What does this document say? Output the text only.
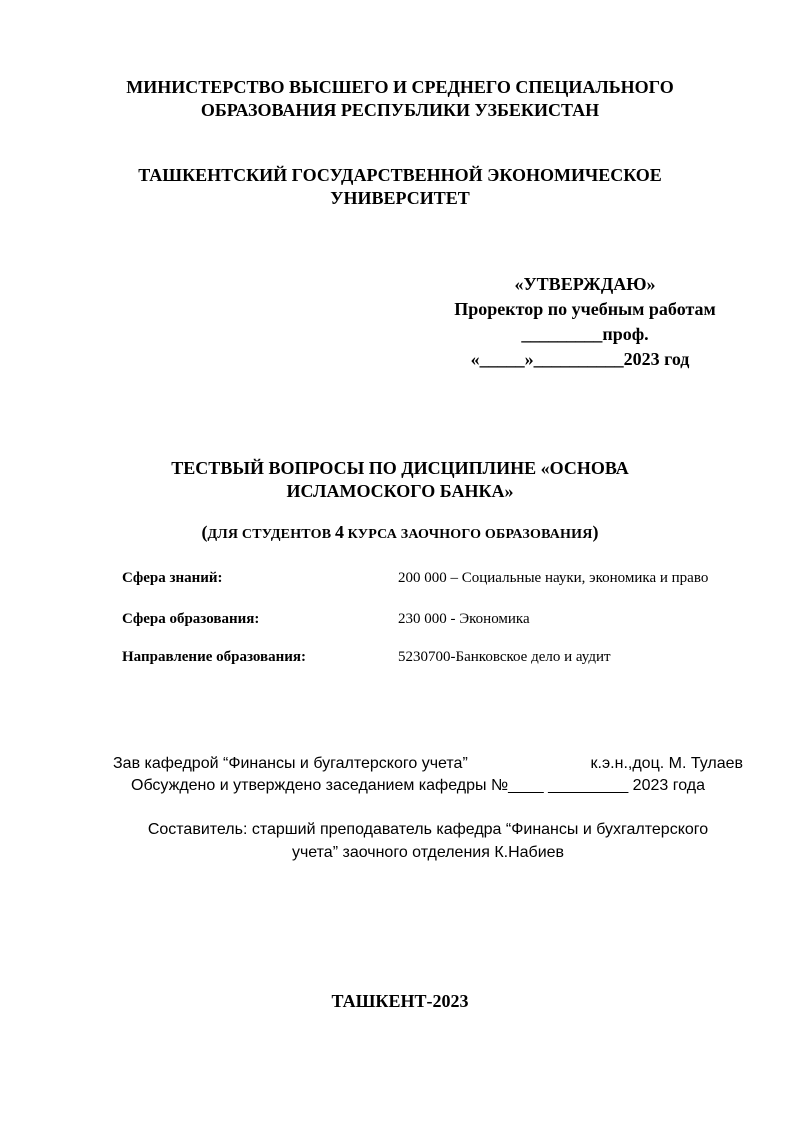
МИНИСТЕРСТВО ВЫСШЕГО И СРЕДНЕГО СПЕЦИАЛЬНОГО
ОБРАЗОВАНИЯ РЕСПУБЛИКИ УЗБЕКИСТАН
ТАШКЕНТСКИЙ ГОСУДАРСТВЕННОЙ ЭКОНОМИЧЕСКОЕ
УНИВЕРСИТЕТ
«УТВЕРЖДАЮ»
Проректор по учебным работам
_________проф.
«_____»__________2023 год
ТЕСТВЫЙ ВОПРОСЫ ПО ДИСЦИПЛИНЕ «ОСНОВА
ИСЛАМОСКОГО БАНКА»
(ДЛЯ СТУДЕНТОВ 4 КУРСА ЗАОЧНОГО ОБРАЗОВАНИЯ)
Сфера знаний:	200 000 – Социальные науки, экономика и право
Сфера образования:	230 000 - Экономика
Направление образования:	5230700-Банковское дело и аудит
Зав кафедрой “Финансы и бугалтерского учета”	к.э.н.,доц. М. Тулаев
Обсуждено и утверждено заседанием кафедры №____ _________ 2023 года
Составитель: старший преподаватель кафедра “Финансы и бухгалтерского
учета” заочного отделения К.Набиев
ТАШКЕНТ-2023
